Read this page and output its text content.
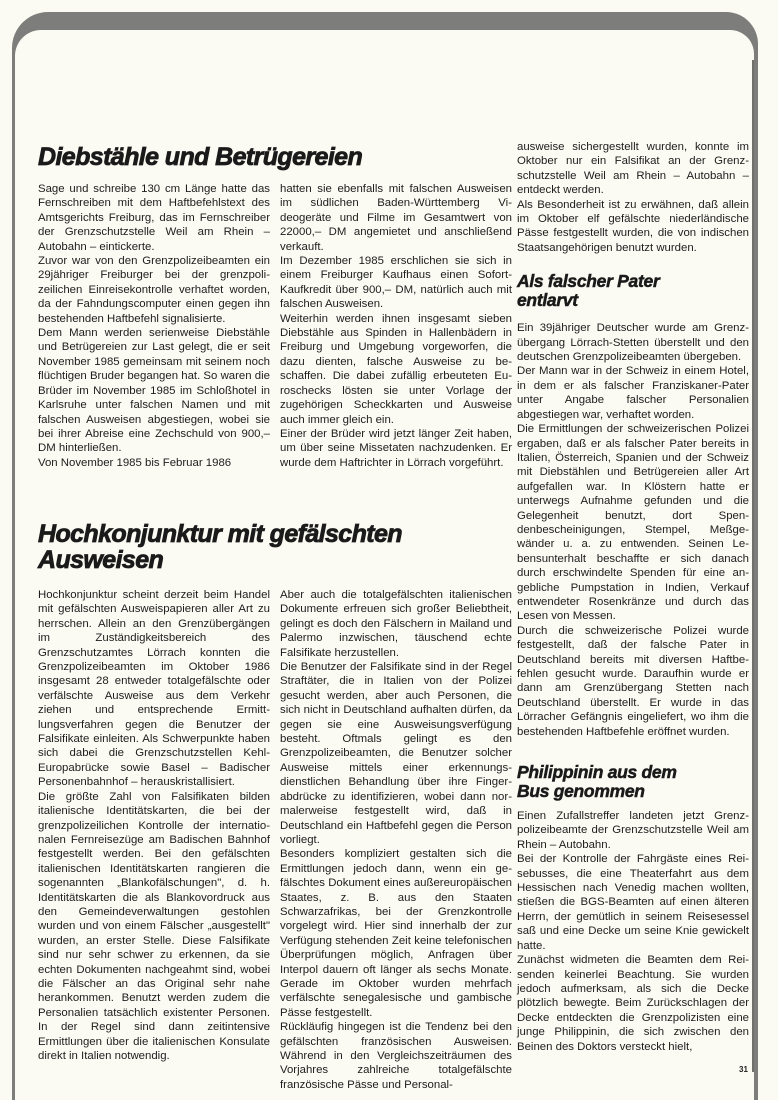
Diebstähle und Betrügereien

Sage und schreibe 130 cm Länge hatte das Fernschreiben mit dem Haftbefehlstext des Amtsgerichts Freiburg, das im Fernschreiber der Grenzschutzstelle Weil am Rhein – Autobahn – eintickerte.

Zuvor war von den Grenzpolizeibeamten ein 29jähriger Freiburger bei der grenzpolizeilichen Einreisekontrolle verhaftet worden, da der Fahndungscomputer einen gegen ihn bestehenden Haftbefehl signalisierte.

Dem Mann werden serienweise Diebstähle und Betrügereien zur Last gelegt, die er seit November 1985 gemeinsam mit seinem noch flüchtigen Bruder begangen hat. So waren die Brüder im November 1985 im Schloßhotel in Karlsruhe unter falschen Namen und mit falschen Ausweisen abgestiegen, wobei sie bei ihrer Abreise eine Zechschuld von 900,– DM hinterließen.

Von November 1985 bis Februar 1986

hatten sie ebenfalls mit falschen Ausweisen im südlichen Baden-Württemberg Videogeräte und Filme im Gesamtwert von 22000,– DM angemietet und anschließend verkauft.

Im Dezember 1985 erschlichen sie sich in einem Freiburger Kaufhaus einen Sofort-Kaufkredit über 900,– DM, natürlich auch mit falschen Ausweisen.

Weiterhin werden ihnen insgesamt sieben Diebstähle aus Spinden in Hallenbädern in Freiburg und Umgebung vorgeworfen, die dazu dienten, falsche Ausweise zu beschaffen. Die dabei zufällig erbeuteten Euroschecks lösten sie unter Vorlage der zugehörigen Scheckkarten und Ausweise auch immer gleich ein.

Einer der Brüder wird jetzt länger Zeit haben, um über seine Missetaten nachzudenken. Er wurde dem Haftrichter in Lörrach vorgeführt.

Hochkonjunktur mit gefälschten
Ausweisen

Hochkonjunktur scheint derzeit beim Handel mit gefälschten Ausweispapieren aller Art zu herrschen. Allein an den Grenzübergängen im Zuständigkeitsbereich des Grenzschutzamtes Lörrach konnten die Grenzpolizeibeamten im Oktober 1986 insgesamt 28 entweder totalgefälschte oder verfälschte Ausweise aus dem Verkehr ziehen und entsprechende Ermittlungsverfahren gegen die Benutzer der Falsifikate einleiten. Als Schwerpunkte haben sich dabei die Grenzschutzstellen Kehl-Europabrücke sowie Basel – Badischer Personenbahnhof – herauskristallisiert.

Die größte Zahl von Falsifikaten bilden italienische Identitätskarten, die bei der grenzpolizeilichen Kontrolle der internationalen Fernreisezüge am Badischen Bahnhof festgestellt werden. Bei den gefälschten italienischen Identitätskarten rangieren die sogenannten „Blankofälschungen", d. h. Identitätskarten die als Blankovordruck aus den Gemeindeverwaltungen gestohlen wurden und von einem Fälscher „ausgestellt" wurden, an erster Stelle. Diese Falsifikate sind nur sehr schwer zu erkennen, da sie echten Dokumenten nachgeahmt sind, wobei die Fälscher an das Original sehr nahe herankommen. Benutzt werden zudem die Personalien tatsächlich existenter Personen. In der Regel sind dann zeitintensive Ermittlungen über die italienischen Konsulate direkt in Italien notwendig.

Aber auch die totalgefälschten italienischen Dokumente erfreuen sich großer Beliebtheit, gelingt es doch den Fälschern in Mailand und Palermo inzwischen, täuschend echte Falsifikate herzustellen.

Die Benutzer der Falsifikate sind in der Regel Straftäter, die in Italien von der Polizei gesucht werden, aber auch Personen, die sich nicht in Deutschland aufhalten dürfen, da gegen sie eine Ausweisungsverfügung besteht. Oftmals gelingt es den Grenzpolizeibeamten, die Benutzer solcher Ausweise mittels einer erkennungsdienstlichen Behandlung über ihre Fingerabdrücke zu identifizieren, wobei dann normalerweise festgestellt wird, daß in Deutschland ein Haftbefehl gegen die Person vorliegt.

Besonders kompliziert gestalten sich die Ermittlungen jedoch dann, wenn ein gefälschtes Dokument eines außereuropäischen Staates, z. B. aus den Staaten Schwarzafrikas, bei der Grenzkontrolle vorgelegt wird. Hier sind innerhalb der zur Verfügung stehenden Zeit keine telefonischen Überprüfungen möglich, Anfragen über Interpol dauern oft länger als sechs Monate. Gerade im Oktober wurden mehrfach verfälschte senegalesische und gambische Pässe festgestellt.

Rückläufig hingegen ist die Tendenz bei den gefälschten französischen Ausweisen. Während in den Vergleichszeiträumen des Vorjahres zahlreiche totalgefälschte französische Pässe und Personal-

ausweise sichergestellt wurden, konnte im Oktober nur ein Falsifikat an der Grenzschutzstelle Weil am Rhein – Autobahn – entdeckt werden.

Als Besonderheit ist zu erwähnen, daß allein im Oktober elf gefälschte niederländische Pässe festgestellt wurden, die von indischen Staatsangehörigen benutzt wurden.

Als falscher Pater
entlarvt

Ein 39jähriger Deutscher wurde am Grenzübergang Lörrach-Stetten überstellt und den deutschen Grenzpolizeibeamten übergeben.

Der Mann war in der Schweiz in einem Hotel, in dem er als falscher Franziskaner-Pater unter Angabe falscher Personalien abgestiegen war, verhaftet worden.

Die Ermittlungen der schweizerischen Polizei ergaben, daß er als falscher Pater bereits in Italien, Österreich, Spanien und der Schweiz mit Diebstählen und Betrügereien aller Art aufgefallen war. In Klöstern hatte er unterwegs Aufnahme gefunden und die Gelegenheit benutzt, dort Spendenbescheinigungen, Stempel, Meßgewänder u. a. zu entwenden. Seinen Lebensunterhalt beschaffte er sich danach durch erschwindelte Spenden für eine angebliche Pumpstation in Indien, Verkauf entwendeter Rosenkränze und durch das Lesen von Messen.

Durch die schweizerische Polizei wurde festgestellt, daß der falsche Pater in Deutschland bereits mit diversen Haftbefehlen gesucht wurde. Daraufhin wurde er dann am Grenzübergang Stetten nach Deutschland überstellt. Er wurde in das Lörracher Gefängnis eingeliefert, wo ihm die bestehenden Haftbefehle eröffnet wurden.

Philippinin aus dem
Bus genommen

Einen Zufallstreffer landeten jetzt Grenzpolizeibeamte der Grenzschutzstelle Weil am Rhein – Autobahn.

Bei der Kontrolle der Fahrgäste eines Reisebusses, die eine Theaterfahrt aus dem Hessischen nach Venedig machen wollten, stießen die BGS-Beamten auf einen älteren Herrn, der gemütlich in seinem Reisesessel saß und eine Decke um seine Knie gewickelt hatte.

Zunächst widmeten die Beamten dem Reisenden keinerlei Beachtung. Sie wurden jedoch aufmerksam, als sich die Decke plötzlich bewegte. Beim Zurückschlagen der Decke entdeckten die Grenzpolizisten eine junge Philippinin, die sich zwischen den Beinen des Doktors versteckt hielt,

31
